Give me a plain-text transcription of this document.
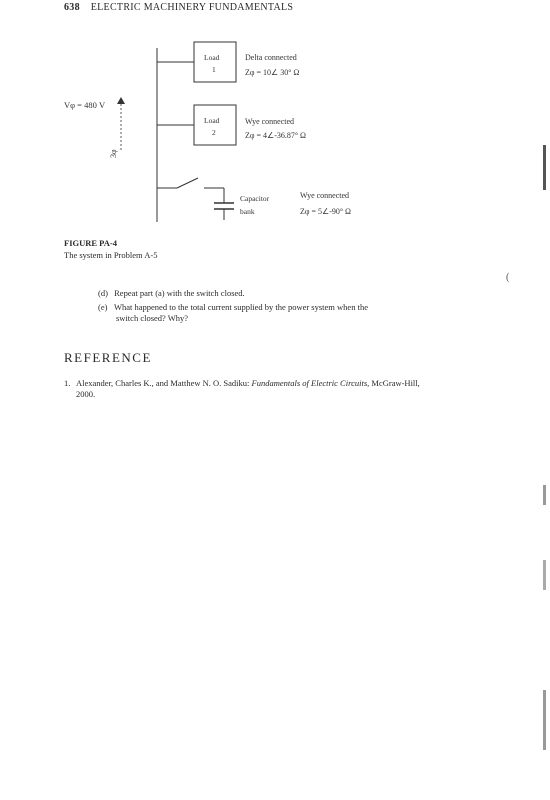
638 ELECTRIC MACHINERY FUNDAMENTALS
Vφ = 480 V
3φ
Load
1
Delta connected
Zφ = 10∠ 30° Ω
Load
2
Wye connected
Zφ = 4∠-36.87° Ω
Capacitor
bank
Wye connected
Zφ = 5∠-90° Ω
FIGURE PA-4
The system in Problem A-5
(d) Repeat part (a) with the switch closed.
(e) What happened to the total current supplied by the power system when the
switch closed? Why?
REFERENCE
1. Alexander, Charles K., and Matthew N. O. Sadiku: Fundamentals of Electric Circuits, McGraw-Hill,
2000.
(
